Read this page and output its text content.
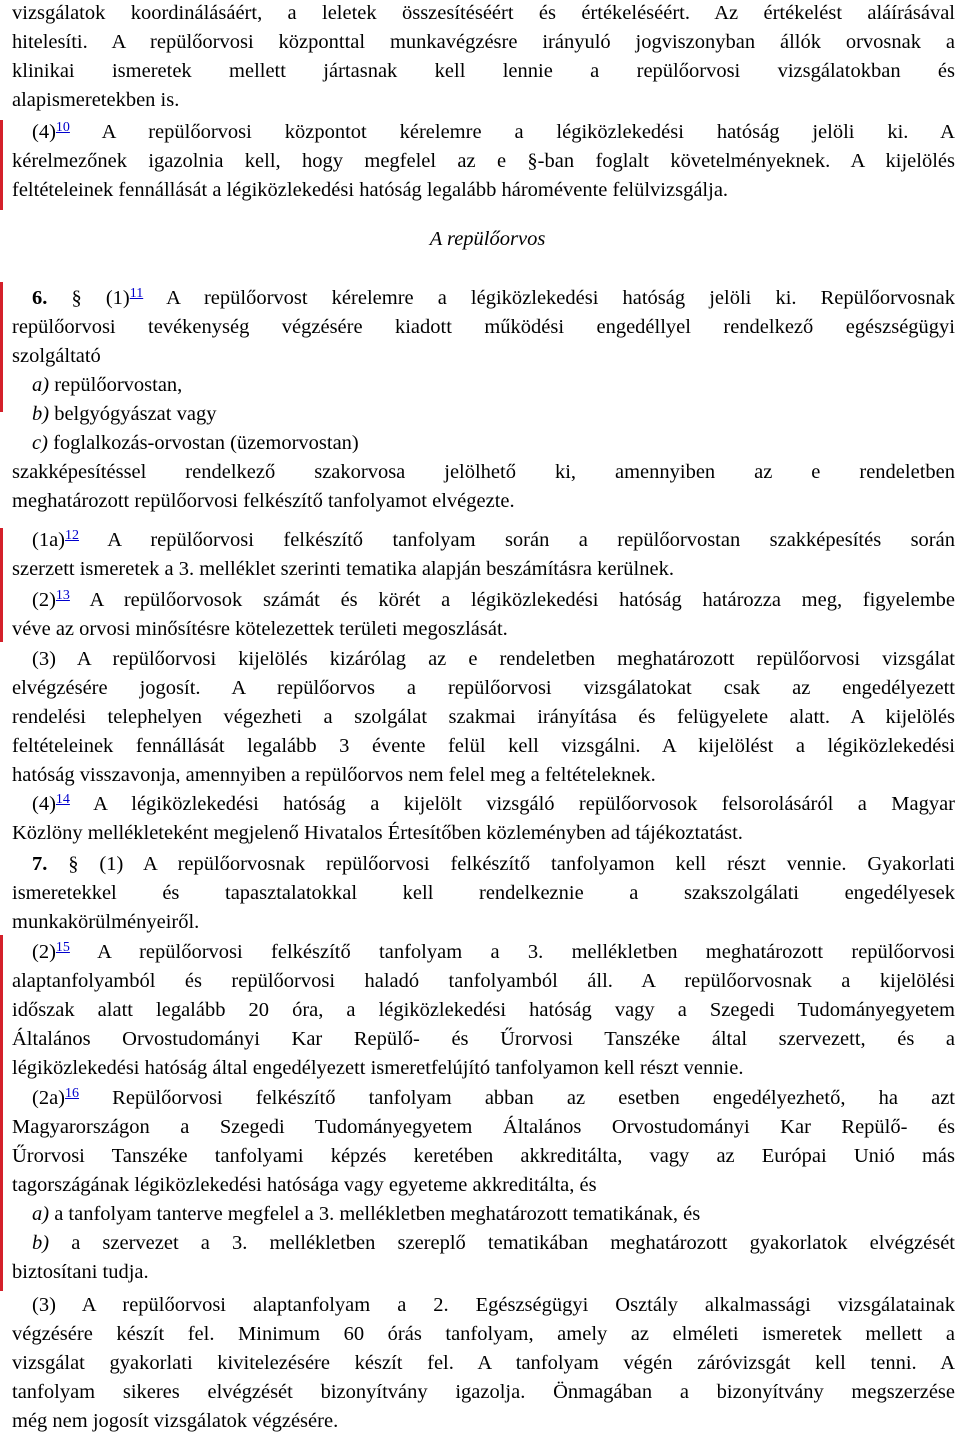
vizsgálatok koordinálásáért, a leletek összesítéséért és értékeléséért. Az értékelést aláírásával
hitelesíti. A repülőorvosi központtal munkavégzésre irányuló jogviszonyban állók orvosnak a
klinikai ismeretek mellett jártasnak kell lennie a repülőorvosi vizsgálatokban és
alapismeretekben is.
(4)$^{10}$ A repülőorvosi központot kérelemre a légiközlekedési hatóság jelöli ki. A
kérelmezőnek igazolnia kell, hogy megfelel az e §-ban foglalt követelményeknek. A kijelölés
feltételeinek fennállását a légiközlekedési hatóság legalább háromévente felülvizsgálja.
A repülőorvos
6. § (1)$^{11}$ A repülőorvost kérelemre a légiközlekedési hatóság jelöli ki. Repülőorvosnak
repülőorvosi tevékenység végzésére kiadott működési engedéllyel rendelkező egészségügyi
szolgáltató
a) repülőorvostan,
b) belgyógyászat vagy
c) foglalkozás-orvostan (üzemorvostan)
szakképesítéssel rendelkező szakorvosa jelölhető ki, amennyiben az e rendeletben
meghatározott repülőorvosi felkészítő tanfolyamot elvégezte.
(1a)$^{12}$ A repülőorvosi felkészítő tanfolyam során a repülőorvostan szakképesítés során
szerzett ismeretek a 3. melléklet szerinti tematika alapján beszámításra kerülnek.
(2)$^{13}$ A repülőorvosok számát és körét a légiközlekedési hatóság határozza meg, figyelembe
véve az orvosi minősítésre kötelezettek területi megoszlását.
(3) A repülőorvosi kijelölés kizárólag az e rendeletben meghatározott repülőorvosi vizsgálat
elvégzésére jogosít. A repülőorvos a repülőorvosi vizsgálatokat csak az engedélyezett
rendelési telephelyen végezheti a szolgálat szakmai irányítása és felügyelete alatt. A kijelölés
feltételeinek fennállását legalább 3 évente felül kell vizsgálni. A kijelölést a légiközlekedési
hatóság visszavonja, amennyiben a repülőorvos nem felel meg a feltételeknek.
(4)$^{14}$ A légiközlekedési hatóság a kijelölt vizsgáló repülőorvosok felsorolásáról a Magyar
Közlöny mellékleteként megjelenő Hivatalos Értesítőben közleményben ad tájékoztatást.
7. § (1) A repülőorvosnak repülőorvosi felkészítő tanfolyamon kell részt vennie. Gyakorlati
ismeretekkel és tapasztalatokkal kell rendelkeznie a szakszolgálati engedélyesek
munkakörülményeiről.
(2)$^{15}$ A repülőorvosi felkészítő tanfolyam a 3. mellékletben meghatározott repülőorvosi
alaptanfolyamból és repülőorvosi haladó tanfolyamból áll. A repülőorvosnak a kijelölési
időszak alatt legalább 20 óra, a légiközlekedési hatóság vagy a Szegedi Tudományegyetem
Általános Orvostudományi Kar Repülő- és Űrorvosi Tanszéke által szervezett, és a
légiközlekedési hatóság által engedélyezett ismeretfelújító tanfolyamon kell részt vennie.
(2a)$^{16}$ Repülőorvosi felkészítő tanfolyam abban az esetben engedélyezhető, ha azt
Magyarországon a Szegedi Tudományegyetem Általános Orvostudományi Kar Repülő- és
Űrorvosi Tanszéke tanfolyami képzés keretében akkreditálta, vagy az Európai Unió más
tagországának légiközlekedési hatósága vagy egyeteme akkreditálta, és
a) a tanfolyam tanterve megfelel a 3. mellékletben meghatározott tematikának, és
b) a szervezet a 3. mellékletben szereplő tematikában meghatározott gyakorlatok elvégzését
biztosítani tudja.
(3) A repülőorvosi alaptanfolyam a 2. Egészségügyi Osztály alkalmassági vizsgálatainak
végzésére készít fel. Minimum 60 órás tanfolyam, amely az elméleti ismeretek mellett a
vizsgálat gyakorlati kivitelezésére készít fel. A tanfolyam végén záróvizsgát kell tenni. A
tanfolyam sikeres elvégzését bizonyítvány igazolja. Önmagában a bizonyítvány megszerzése
még nem jogosít vizsgálatok végzésére.
